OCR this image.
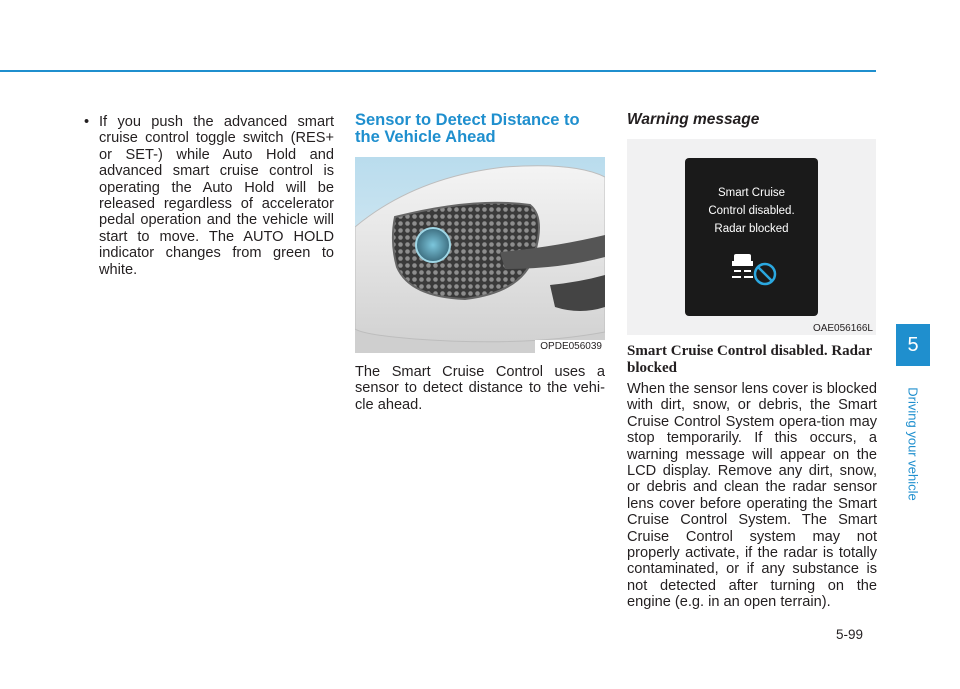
• If you push the advanced smart cruise control toggle switch (RES+ or SET-) while Auto Hold and advanced smart cruise control is operating the Auto Hold will be released regardless of accelerator pedal operation and the vehicle will start to move. The AUTO HOLD indicator changes from green to white.

Sensor to Detect Distance to the Vehicle Ahead
OPDE056039

The Smart Cruise Control uses a sensor to detect distance to the vehi-cle ahead.

Warning message
Smart Cruise
Control disabled.
Radar blocked
OAE056166L
Smart Cruise Control disabled. Radar blocked

When the sensor lens cover is blocked with dirt, snow, or debris, the Smart Cruise Control System opera-tion may stop temporarily. If this occurs, a warning message will appear on the LCD display. Remove any dirt, snow, or debris and clean the radar sensor lens cover before operating the Smart Cruise Control System. The Smart Cruise Control system may not properly activate, if the radar is totally contaminated, or if any substance is not detected after turning on the engine (e.g. in an open terrain).

5
Driving your vehicle
5-99
